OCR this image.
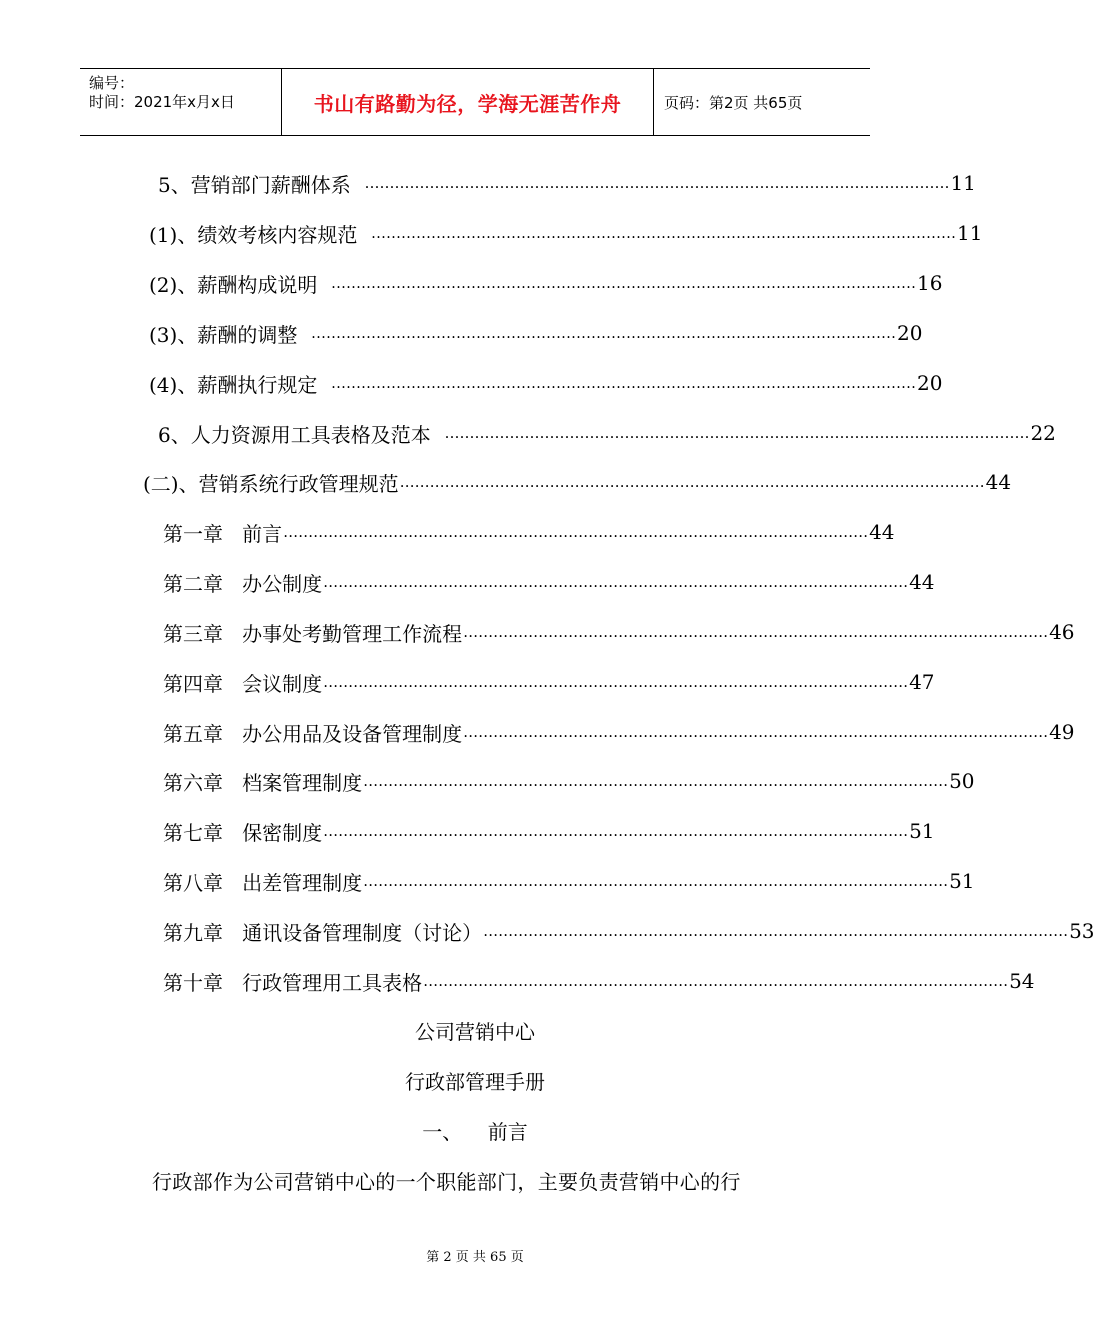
编号：
时间：2021年x月x日	书山有路勤为径，学海无涯苦作舟	页码：第2页 共65页
5、营销部门薪酬体系 ……………………………………………………………………………………………………… 11
(1)、绩效考核内容规范 ……………………………………………………………………………………………………… 11
(2)、薪酬构成说明 ……………………………………………………………………………………………………… 16
(3)、薪酬的调整 ……………………………………………………………………………………………………… 20
(4)、薪酬执行规定 ……………………………………………………………………………………………………… 20
6、人力资源用工具表格及范本 ……………………………………………………………………………………………………… 22
(二)、营销系统行政管理规范 ……………………………………………………………………………………………………… 44
第一章   前言 ……………………………………………………………………………………………………… 44
第二章   办公制度 ……………………………………………………………………………………………………… 44
第三章   办事处考勤管理工作流程 ……………………………………………………………………………………………………… 46
第四章   会议制度 ……………………………………………………………………………………………………… 47
第五章   办公用品及设备管理制度 ……………………………………………………………………………………………………… 49
第六章   档案管理制度 ……………………………………………………………………………………………………… 50
第七章   保密制度 ……………………………………………………………………………………………………… 51
第八章   出差管理制度 ……………………………………………………………………………………………………… 51
第九章   通讯设备管理制度（讨论） ……………………………………………………………………………………………………… 53
第十章   行政管理用工具表格 ……………………………………………………………………………………………………… 54
公司营销中心
行政部管理手册
一、    前言
行政部作为公司营销中心的一个职能部门，主要负责营销中心的行
第 2 页 共 65 页
